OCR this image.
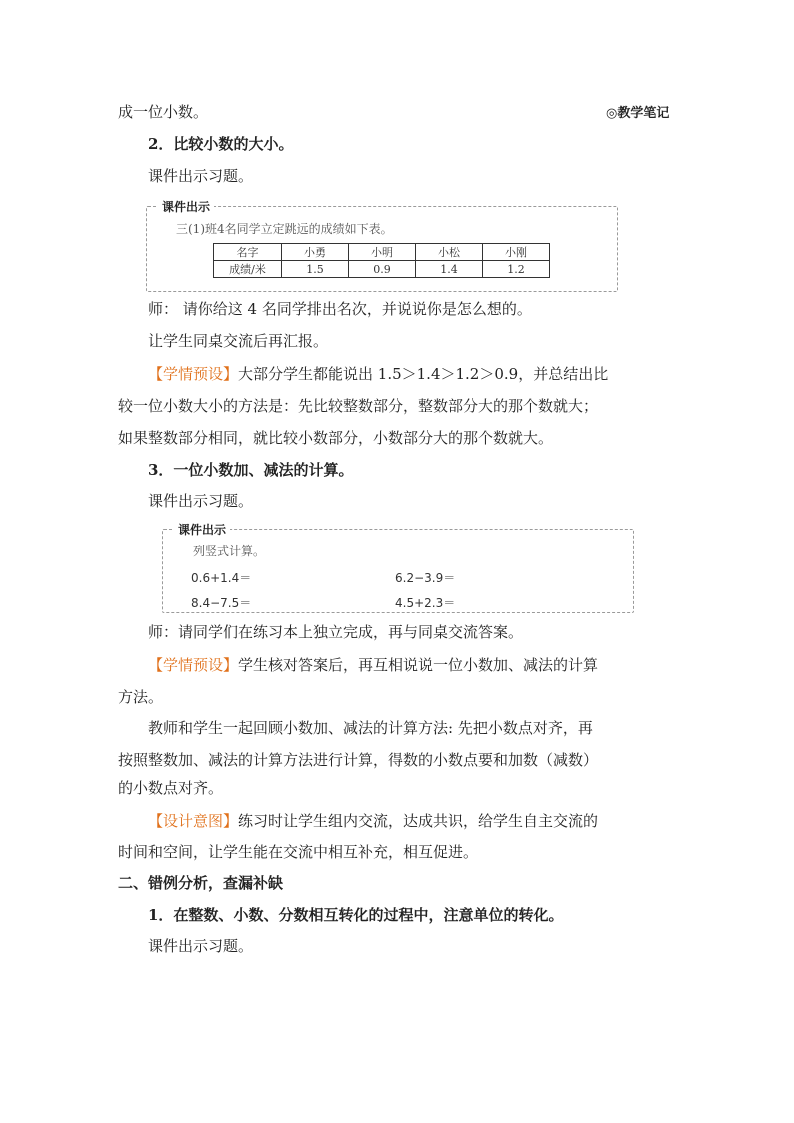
◎教学笔记
成一位小数。
2．比较小数的大小。
课件出示习题。
课件出示
三(1)班4名同学立定跳远的成绩如下表。
名字	小勇	小明	小松	小刚
成绩/米	1.5	0.9	1.4	1.2
师： 请你给这 4 名同学排出名次，并说说你是怎么想的。
让学生同桌交流后再汇报。
【学情预设】大部分学生都能说出 1.5＞1.4＞1.2＞0.9，并总结出比
较一位小数大小的方法是：先比较整数部分，整数部分大的那个数就大；
如果整数部分相同，就比较小数部分，小数部分大的那个数就大。
3．一位小数加、减法的计算。
课件出示习题。
课件出示
列竖式计算。
0.6+1.4＝	6.2−3.9＝
8.4−7.5＝	4.5+2.3＝
师：请同学们在练习本上独立完成，再与同桌交流答案。
【学情预设】学生核对答案后，再互相说说一位小数加、减法的计算
方法。
教师和学生一起回顾小数加、减法的计算方法: 先把小数点对齐，再
按照整数加、减法的计算方法进行计算，得数的小数点要和加数（减数）
的小数点对齐。
【设计意图】练习时让学生组内交流，达成共识，给学生自主交流的
时间和空间，让学生能在交流中相互补充，相互促进。
二、错例分析，查漏补缺
1．在整数、小数、分数相互转化的过程中，注意单位的转化。
课件出示习题。
